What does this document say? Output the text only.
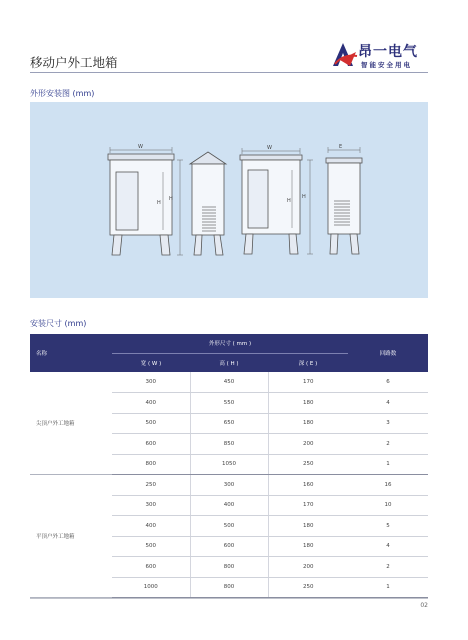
移动户外工地箱
昂一电气
智能安全用电
外形安装图 (mm)
W
H
H
W
H
H
E
安装尺寸 (mm)
名称	外形尺寸 ( mm )			回路数
	宽 ( W )	高 ( H )	深 ( E )	
尖顶户外工地箱	300	450	170	6
	400	550	180	4
	500	650	180	3
	600	850	200	2
	800	1050	250	1
平顶户外工地箱	250	300	160	16
	300	400	170	10
	400	500	180	5
	500	600	180	4
	600	800	200	2
	1000	800	250	1
02
